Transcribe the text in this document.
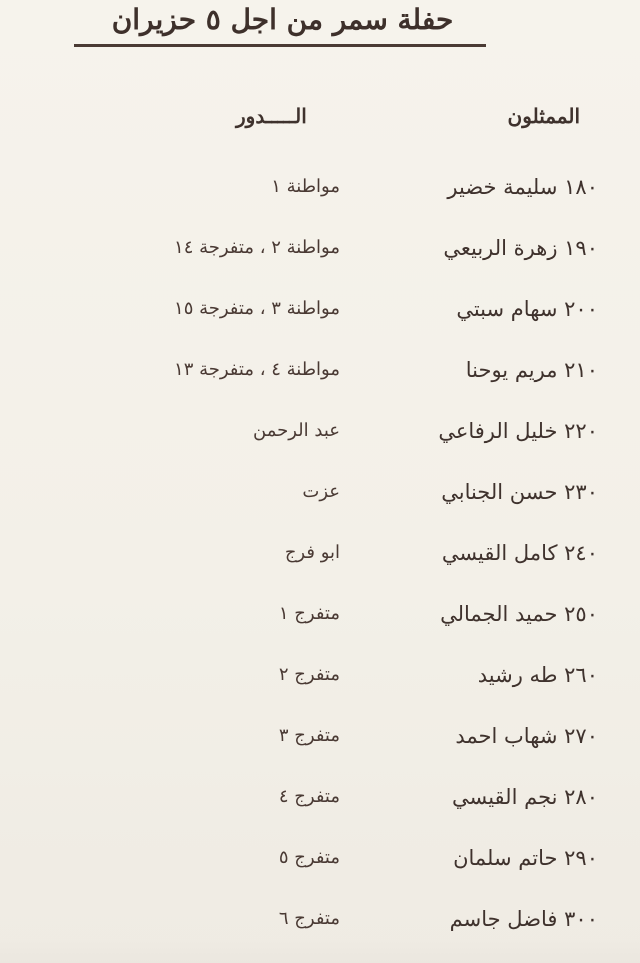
حفلة سمر من اجل ٥ حزيران
الممثلون
الـــــدور
١٨٠ سليمة خضير
مواطنة ١
١٩٠ زهرة الربيعي
مواطنة ٢ ، متفرجة ١٤
٢٠٠ سهام سبتي
مواطنة ٣ ، متفرجة ١٥
٢١٠ مريم يوحنا
مواطنة ٤ ، متفرجة ١٣
٢٢٠ خليل الرفاعي
عبد الرحمن
٢٣٠ حسن الجنابي
عزت
٢٤٠ كامل القيسي
ابو فرج
٢٥٠ حميد الجمالي
متفرج ١
٢٦٠ طه رشيد
متفرج ٢
٢٧٠ شهاب احمد
متفرج ٣
٢٨٠ نجم القيسي
متفرج ٤
٢٩٠ حاتم سلمان
متفرج ٥
٣٠٠ فاضل جاسم
متفرج ٦
